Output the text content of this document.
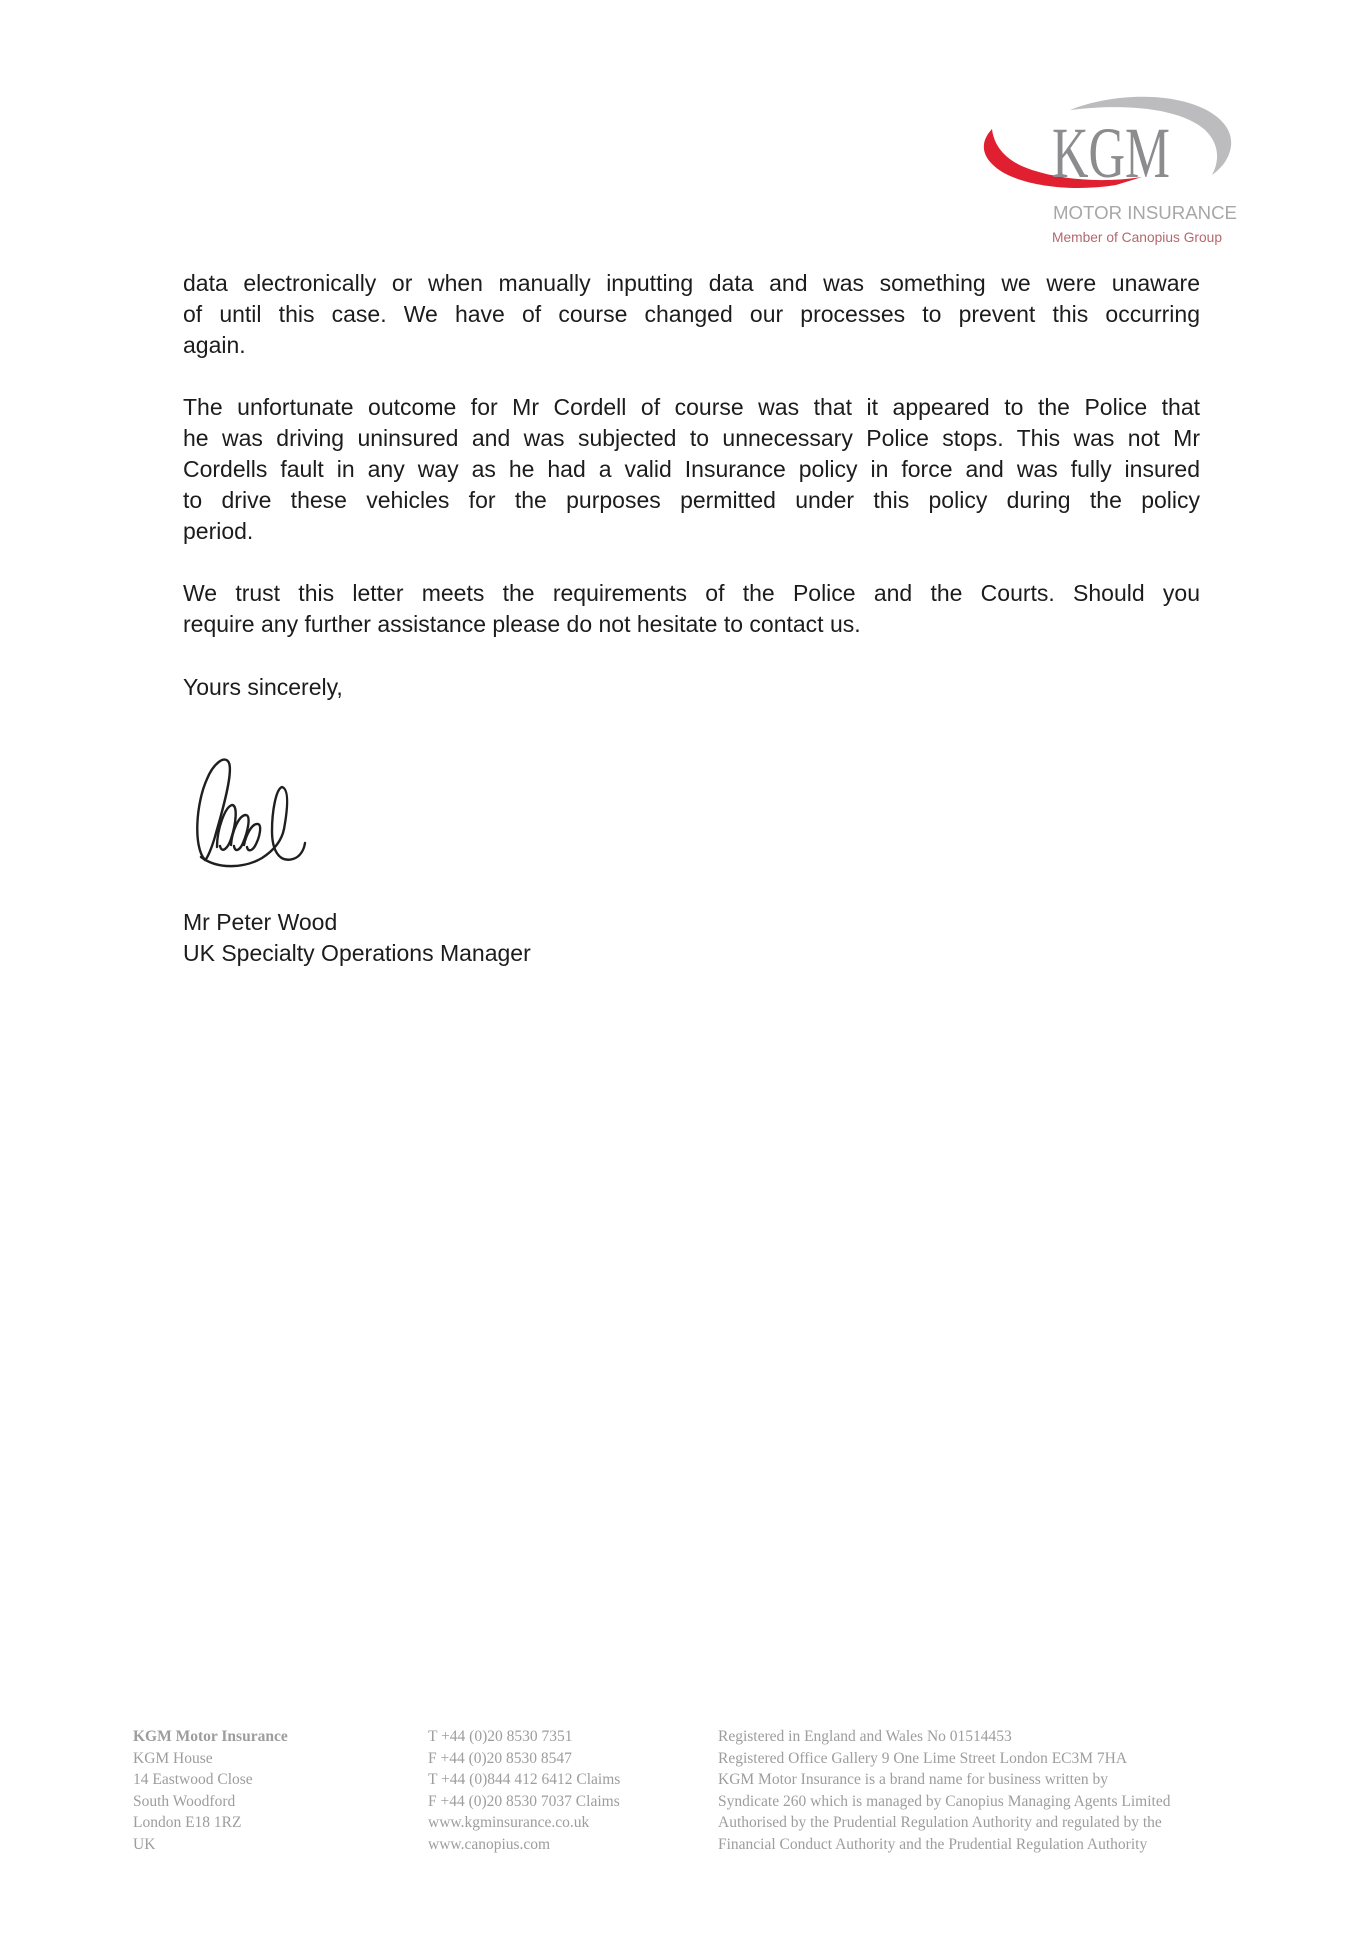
KGM
MOTOR INSURANCE
Member of Canopius Group
data electronically or when manually inputting data and was something we were unaware
of until this case. We have of course changed our processes to prevent this occurring
again.
The unfortunate outcome for Mr Cordell of course was that it appeared to the Police that
he was driving uninsured and was subjected to unnecessary Police stops. This was not Mr
Cordells fault in any way as he had a valid Insurance policy in force and was fully insured
to drive these vehicles for the purposes permitted under this policy during the policy
period.
We trust this letter meets the requirements of the Police and the Courts. Should you
require any further assistance please do not hesitate to contact us.
Yours sincerely,
Mr Peter Wood
UK Specialty Operations Manager
KGM Motor Insurance
KGM House
14 Eastwood Close
South Woodford
London E18 1RZ
UK
T +44 (0)20 8530 7351
F +44 (0)20 8530 8547
T +44 (0)844 412 6412 Claims
F +44 (0)20 8530 7037 Claims
www.kgminsurance.co.uk
www.canopius.com
Registered in England and Wales No 01514453
Registered Office Gallery 9 One Lime Street London EC3M 7HA
KGM Motor Insurance is a brand name for business written by
Syndicate 260 which is managed by Canopius Managing Agents Limited
Authorised by the Prudential Regulation Authority and regulated by the
Financial Conduct Authority and the Prudential Regulation Authority
